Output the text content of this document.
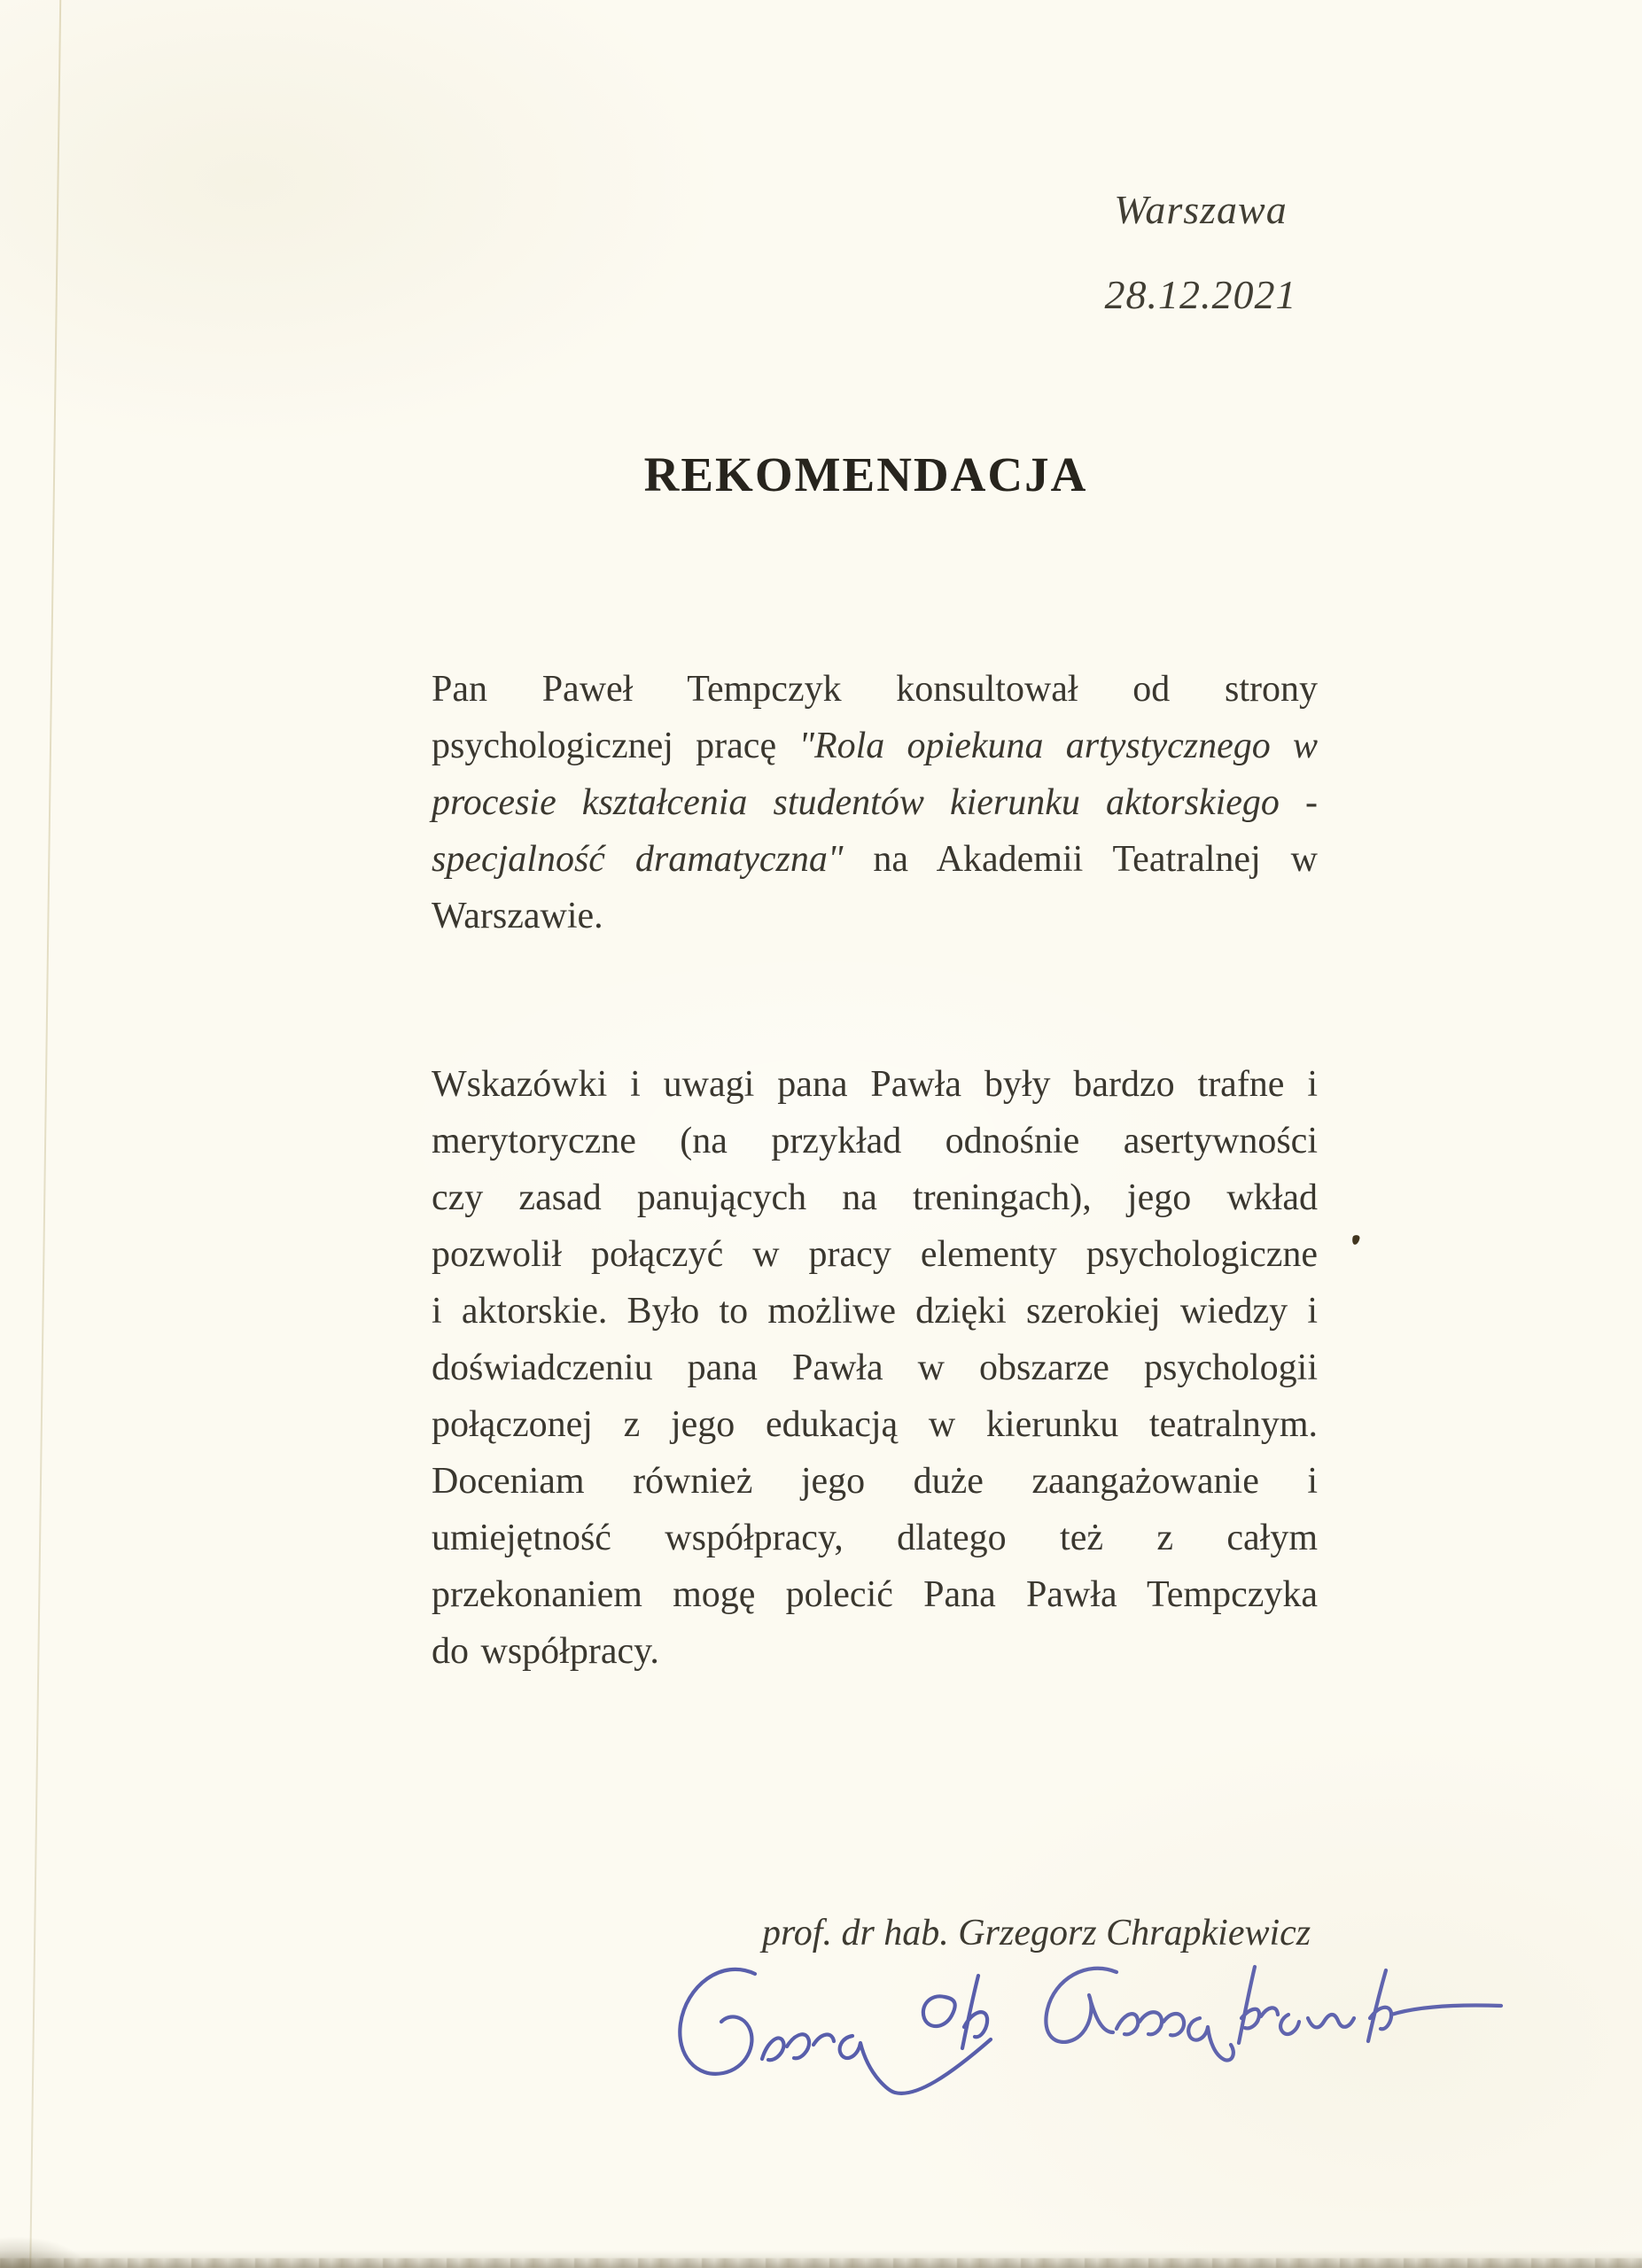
Warszawa
28.12.2021
REKOMENDACJA
Pan Paweł Tempczyk konsultował od strony
psychologicznej pracę "Rola opiekuna artystycznego w
procesie kształcenia studentów kierunku aktorskiego -
specjalność dramatyczna" na Akademii Teatralnej w
Warszawie.
Wskazówki i uwagi pana Pawła były bardzo trafne i
merytoryczne (na przykład odnośnie asertywności
czy zasad panujących na treningach), jego wkład
pozwolił połączyć w pracy elementy psychologiczne
i aktorskie. Było to możliwe dzięki szerokiej wiedzy i
doświadczeniu pana Pawła w obszarze psychologii
połączonej z jego edukacją w kierunku teatralnym.
Doceniam również jego duże zaangażowanie i
umiejętność współpracy, dlatego też z całym
przekonaniem mogę polecić Pana Pawła Tempczyka
do współpracy.
prof. dr hab. Grzegorz Chrapkiewicz
